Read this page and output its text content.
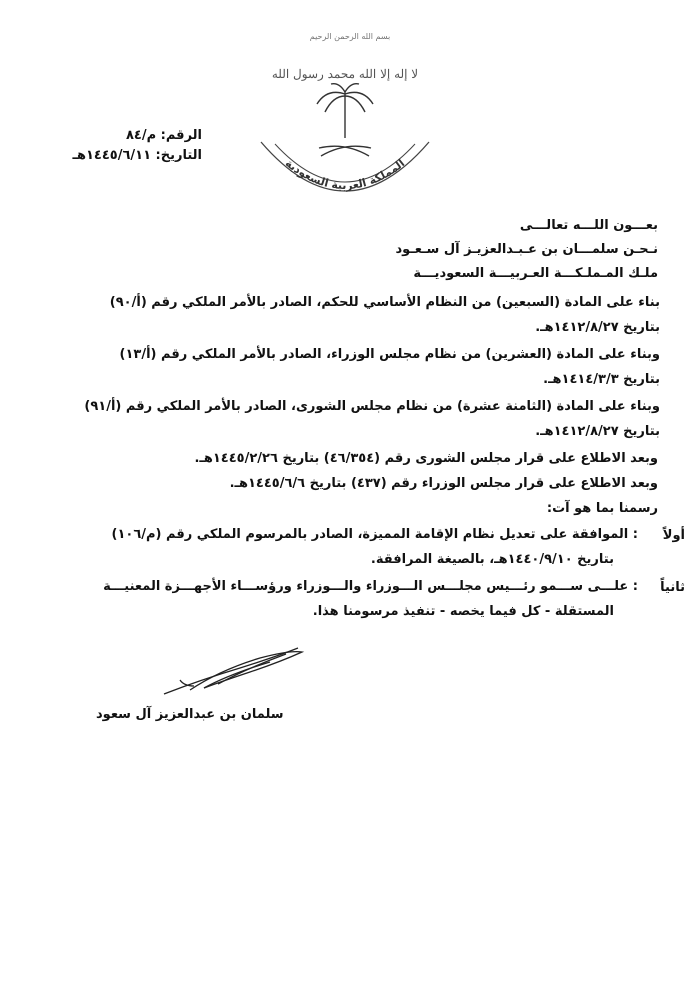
بسم الله الرحمن الرحيم
لا إله إلا الله محمد رسول الله
المملكة العربية السعودية
الرقم: م/٨٤
التاريخ: ١٤٤٥/٦/١١هـ
بعـــون اللـــه تعالـــى
نـحـن سلمـــان بن عـبـدالعزيـز آل سـعـود
ملـك المـملـكـــة العـربيـــة السعوديـــة
بناء على المادة (السبعين) من النظام الأساسي للحكم، الصادر بالأمر الملكي رقم (أ/٩٠)
بتاريخ ١٤١٢/٨/٢٧هـ.
وبناء على المادة (العشرين) من نظام مجلس الوزراء، الصادر بالأمر الملكي رقم (أ/١٣)
بتاريخ ١٤١٤/٣/٣هـ.
وبناء على المادة (الثامنة عشرة) من نظام مجلس الشورى، الصادر بالأمر الملكي رقم (أ/٩١)
بتاريخ ١٤١٢/٨/٢٧هـ.
وبعد الاطلاع على قرار مجلس الشورى رقم (٤٦/٣٥٤) بتاريخ ١٤٤٥/٢/٢٦هـ.
وبعد الاطلاع على قرار مجلس الوزراء رقم (٤٣٧) بتاريخ ١٤٤٥/٦/٦هـ.
رسمنا بما هو آت:
أولاً
: الموافقة على تعديل نظام الإقامة المميزة، الصادر بالمرسوم الملكي رقم (م/١٠٦)
بتاريخ ١٤٤٠/٩/١٠هـ، بالصيغة المرافقة.
ثانياً
: علـــى ســـمو رئـــيس مجلـــس الـــوزراء والـــوزراء ورؤســـاء الأجهـــزة المعنيـــة
المستقلة - كل فيما يخصه - تنفيذ مرسومنا هذا.
سلمان بن عبدالعزيز آل سعود
